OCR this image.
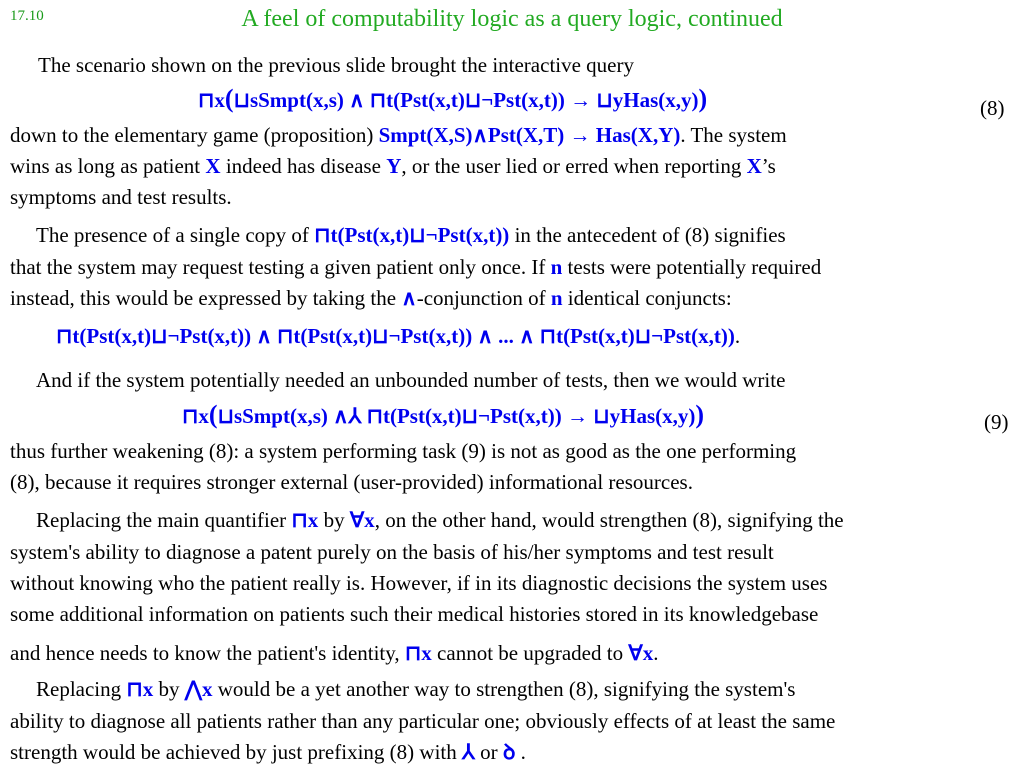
17.10	A feel of computability logic as a query logic, continued
The scenario shown on the previous slide brought the interactive query
⊓x(⊔sSmpt(x,s) ∧ ⊓t(Pst(x,t)⊔¬Pst(x,t)) → ⊔yHas(x,y))	(8)
down to the elementary game (proposition) Smpt(X,S)∧Pst(X,T) → Has(X,Y). The system
wins as long as patient X indeed has disease Y, or the user lied or erred when reporting X’s
symptoms and test results.
The presence of a single copy of ⊓t(Pst(x,t)⊔¬Pst(x,t)) in the antecedent of (8) signifies
that the system may request testing a given patient only once. If n tests were potentially required
instead, this would be expressed by taking the ∧-conjunction of n identical conjuncts:
⊓t(Pst(x,t)⊔¬Pst(x,t)) ∧ ⊓t(Pst(x,t)⊔¬Pst(x,t)) ∧ ... ∧ ⊓t(Pst(x,t)⊔¬Pst(x,t)).
And if the system potentially needed an unbounded number of tests, then we would write
⊓x(⊔sSmpt(x,s) ∧⅄ ⊓t(Pst(x,t)⊔¬Pst(x,t)) → ⊔yHas(x,y))	(9)
thus further weakening (8): a system performing task (9) is not as good as the one performing
(8), because it requires stronger external (user-provided) informational resources.
Replacing the main quantifier ⊓x by ∀x, on the other hand, would strengthen (8), signifying the
system's ability to diagnose a patent purely on the basis of his/her symptoms and test result
without knowing who the patient really is. However, if in its diagnostic decisions the system uses
some additional information on patients such their medical histories stored in its knowledgebase
and hence needs to know the patient's identity, ⊓x cannot be upgraded to ∀x.
Replacing ⊓x by ⋀x would be a yet another way to strengthen (8), signifying the system's
ability to diagnose all patients rather than any particular one; obviously effects of at least the same
strength would be achieved by just prefixing (8) with ⅄ or ꝺ .
